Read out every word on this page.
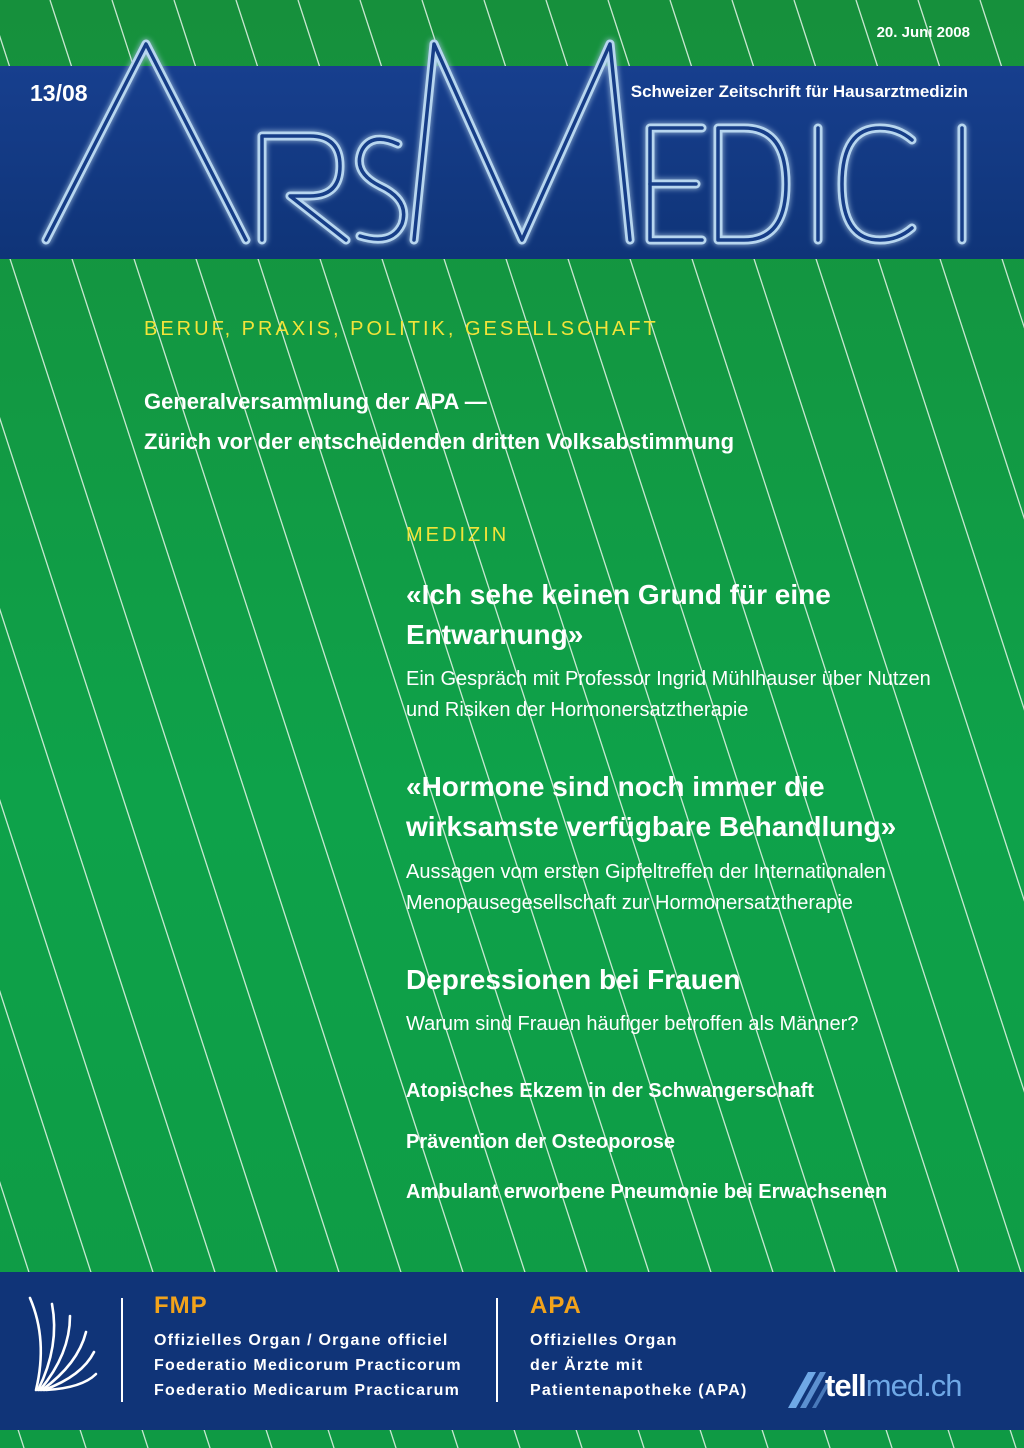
20. Juni 2008
13/08	Schweizer Zeitschrift für Hausarztmedizin
BERUF, PRAXIS, POLITIK, GESELLSCHAFT
Generalversammlung der APA —
Zürich vor der entscheidenden dritten Volksabstimmung
MEDIZIN
«Ich sehe keinen Grund für eine
Entwarnung»
Ein Gespräch mit Professor Ingrid Mühlhauser über Nutzen
und Risiken der Hormonersatztherapie
«Hormone sind noch immer die
wirksamste verfügbare Behandlung»
Aussagen vom ersten Gipfeltreffen der Internationalen
Menopausegesellschaft zur Hormonersatztherapie
Depressionen bei Frauen
Warum sind Frauen häufiger betroffen als Männer?
Atopisches Ekzem in der Schwangerschaft
Prävention der Osteoporose
Ambulant erworbene Pneumonie bei Erwachsenen
FMP
Offizielles Organ / Organe officiel
Foederatio Medicorum Practicorum
Foederatio Medicarum Practicarum
APA
Offizielles Organ
der Ärzte mit
Patientenapotheke (APA) tellmed.ch
